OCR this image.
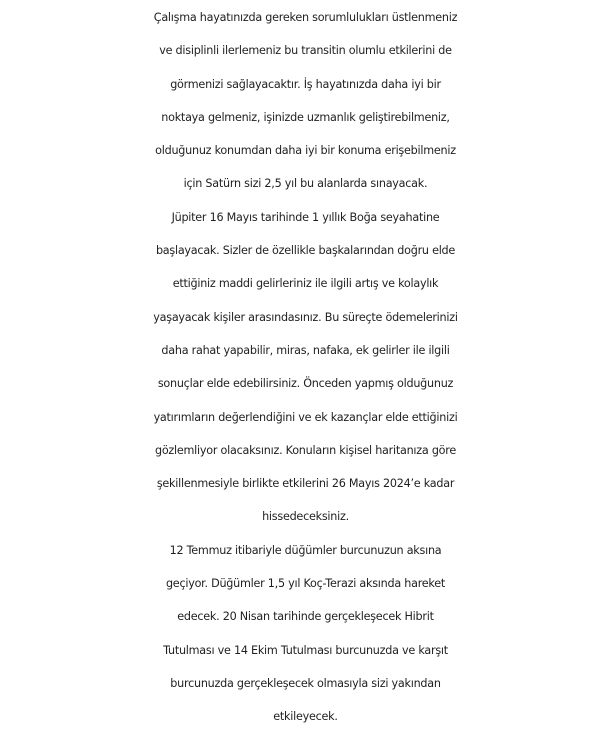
Çalışma hayatınızda gereken sorumlulukları üstlenmeniz
ve disiplinli ilerlemeniz bu transitin olumlu etkilerini de
görmenizi sağlayacaktır. İş hayatınızda daha iyi bir
noktaya gelmeniz, işinizde uzmanlık geliştirebilmeniz,
olduğunuz konumdan daha iyi bir konuma erişebilmeniz
için Satürn sizi 2,5 yıl bu alanlarda sınayacak.
Jüpiter 16 Mayıs tarihinde 1 yıllık Boğa seyahatine
başlayacak. Sizler de özellikle başkalarından doğru elde
ettiğiniz maddi gelirleriniz ile ilgili artış ve kolaylık
yaşayacak kişiler arasındasınız. Bu süreçte ödemelerinizi
daha rahat yapabilir, miras, nafaka, ek gelirler ile ilgili
sonuçlar elde edebilirsiniz. Önceden yapmış olduğunuz
yatırımların değerlendiğini ve ek kazançlar elde ettiğinizi
gözlemliyor olacaksınız. Konuların kişisel haritanıza göre
şekillenmesiyle birlikte etkilerini 26 Mayıs 2024’e kadar
hissedeceksiniz.
12 Temmuz itibariyle düğümler burcunuzun aksına
geçiyor. Düğümler 1,5 yıl Koç-Terazi aksında hareket
edecek. 20 Nisan tarihinde gerçekleşecek Hibrit
Tutulması ve 14 Ekim Tutulması burcunuzda ve karşıt
burcunuzda gerçekleşecek olmasıyla sizi yakından
etkileyecek.
